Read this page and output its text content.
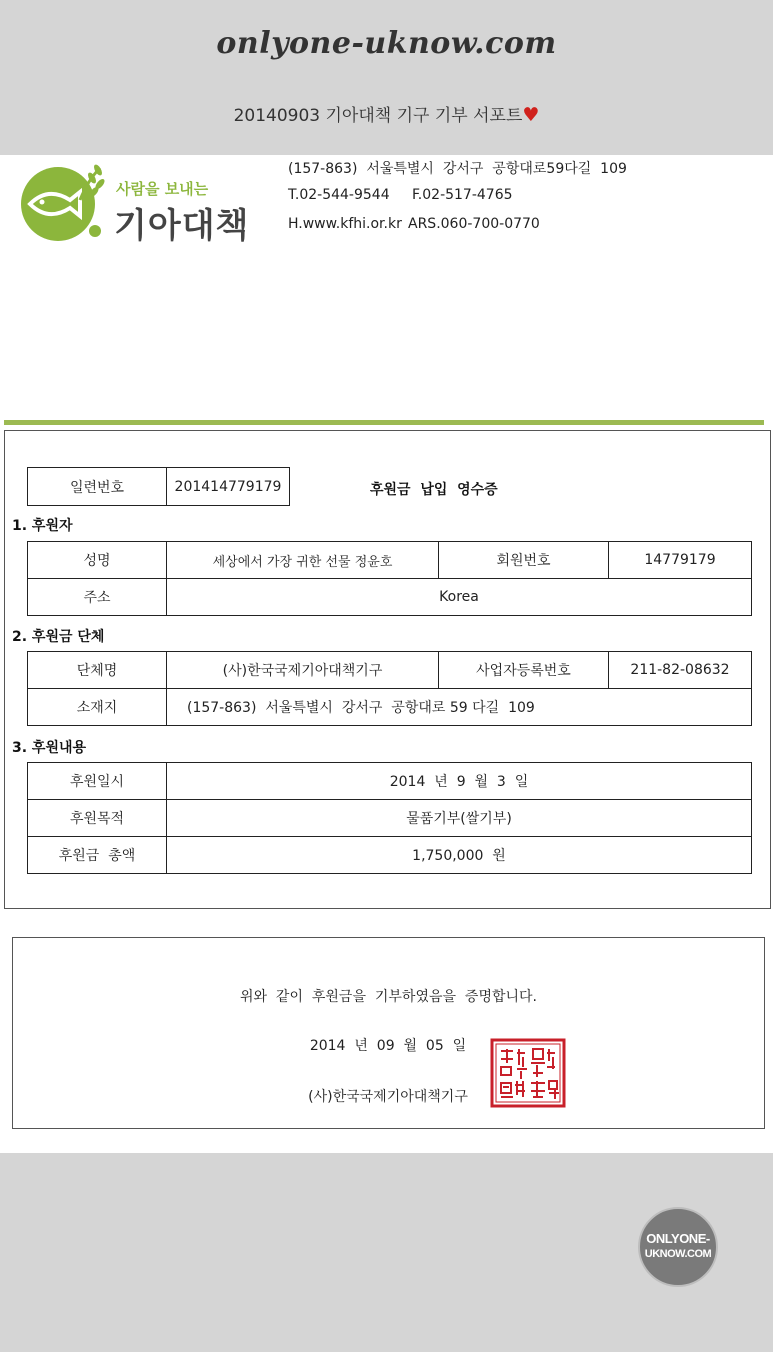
onlyone-uknow.com
20140903 기아대책 기구 기부 서포트♥
사람을 보내는
기아대책
(157-863)  서울특별시  강서구  공항대로59다길  109
T.02-544-9544 F.02-517-4765
H.www.kfhi.or.kr ARS.060-700-0770
일련번호	201414779179	후원금  납입  영수증
1. 후원자
성명	세상에서 가장 귀한 선물 정윤호	회원번호	14779179
주소	Korea		
2. 후원금 단체
단체명	(사)한국국제기아대책기구	사업자등록번호	211-82-08632
소재지	(157-863)  서울특별시  강서구  공항대로 59 다길  109		
3. 후원내용
후원일시	2014  년  9  월  3  일
후원목적	물품기부(쌀기부)
후원금  총액	1,750,000  원
위와  같이  후원금을  기부하였음을  증명합니다.
2014  년  09  월  05  일
(사)한국국제기아대책기구
ONLYONE-
UKNOW.COM
